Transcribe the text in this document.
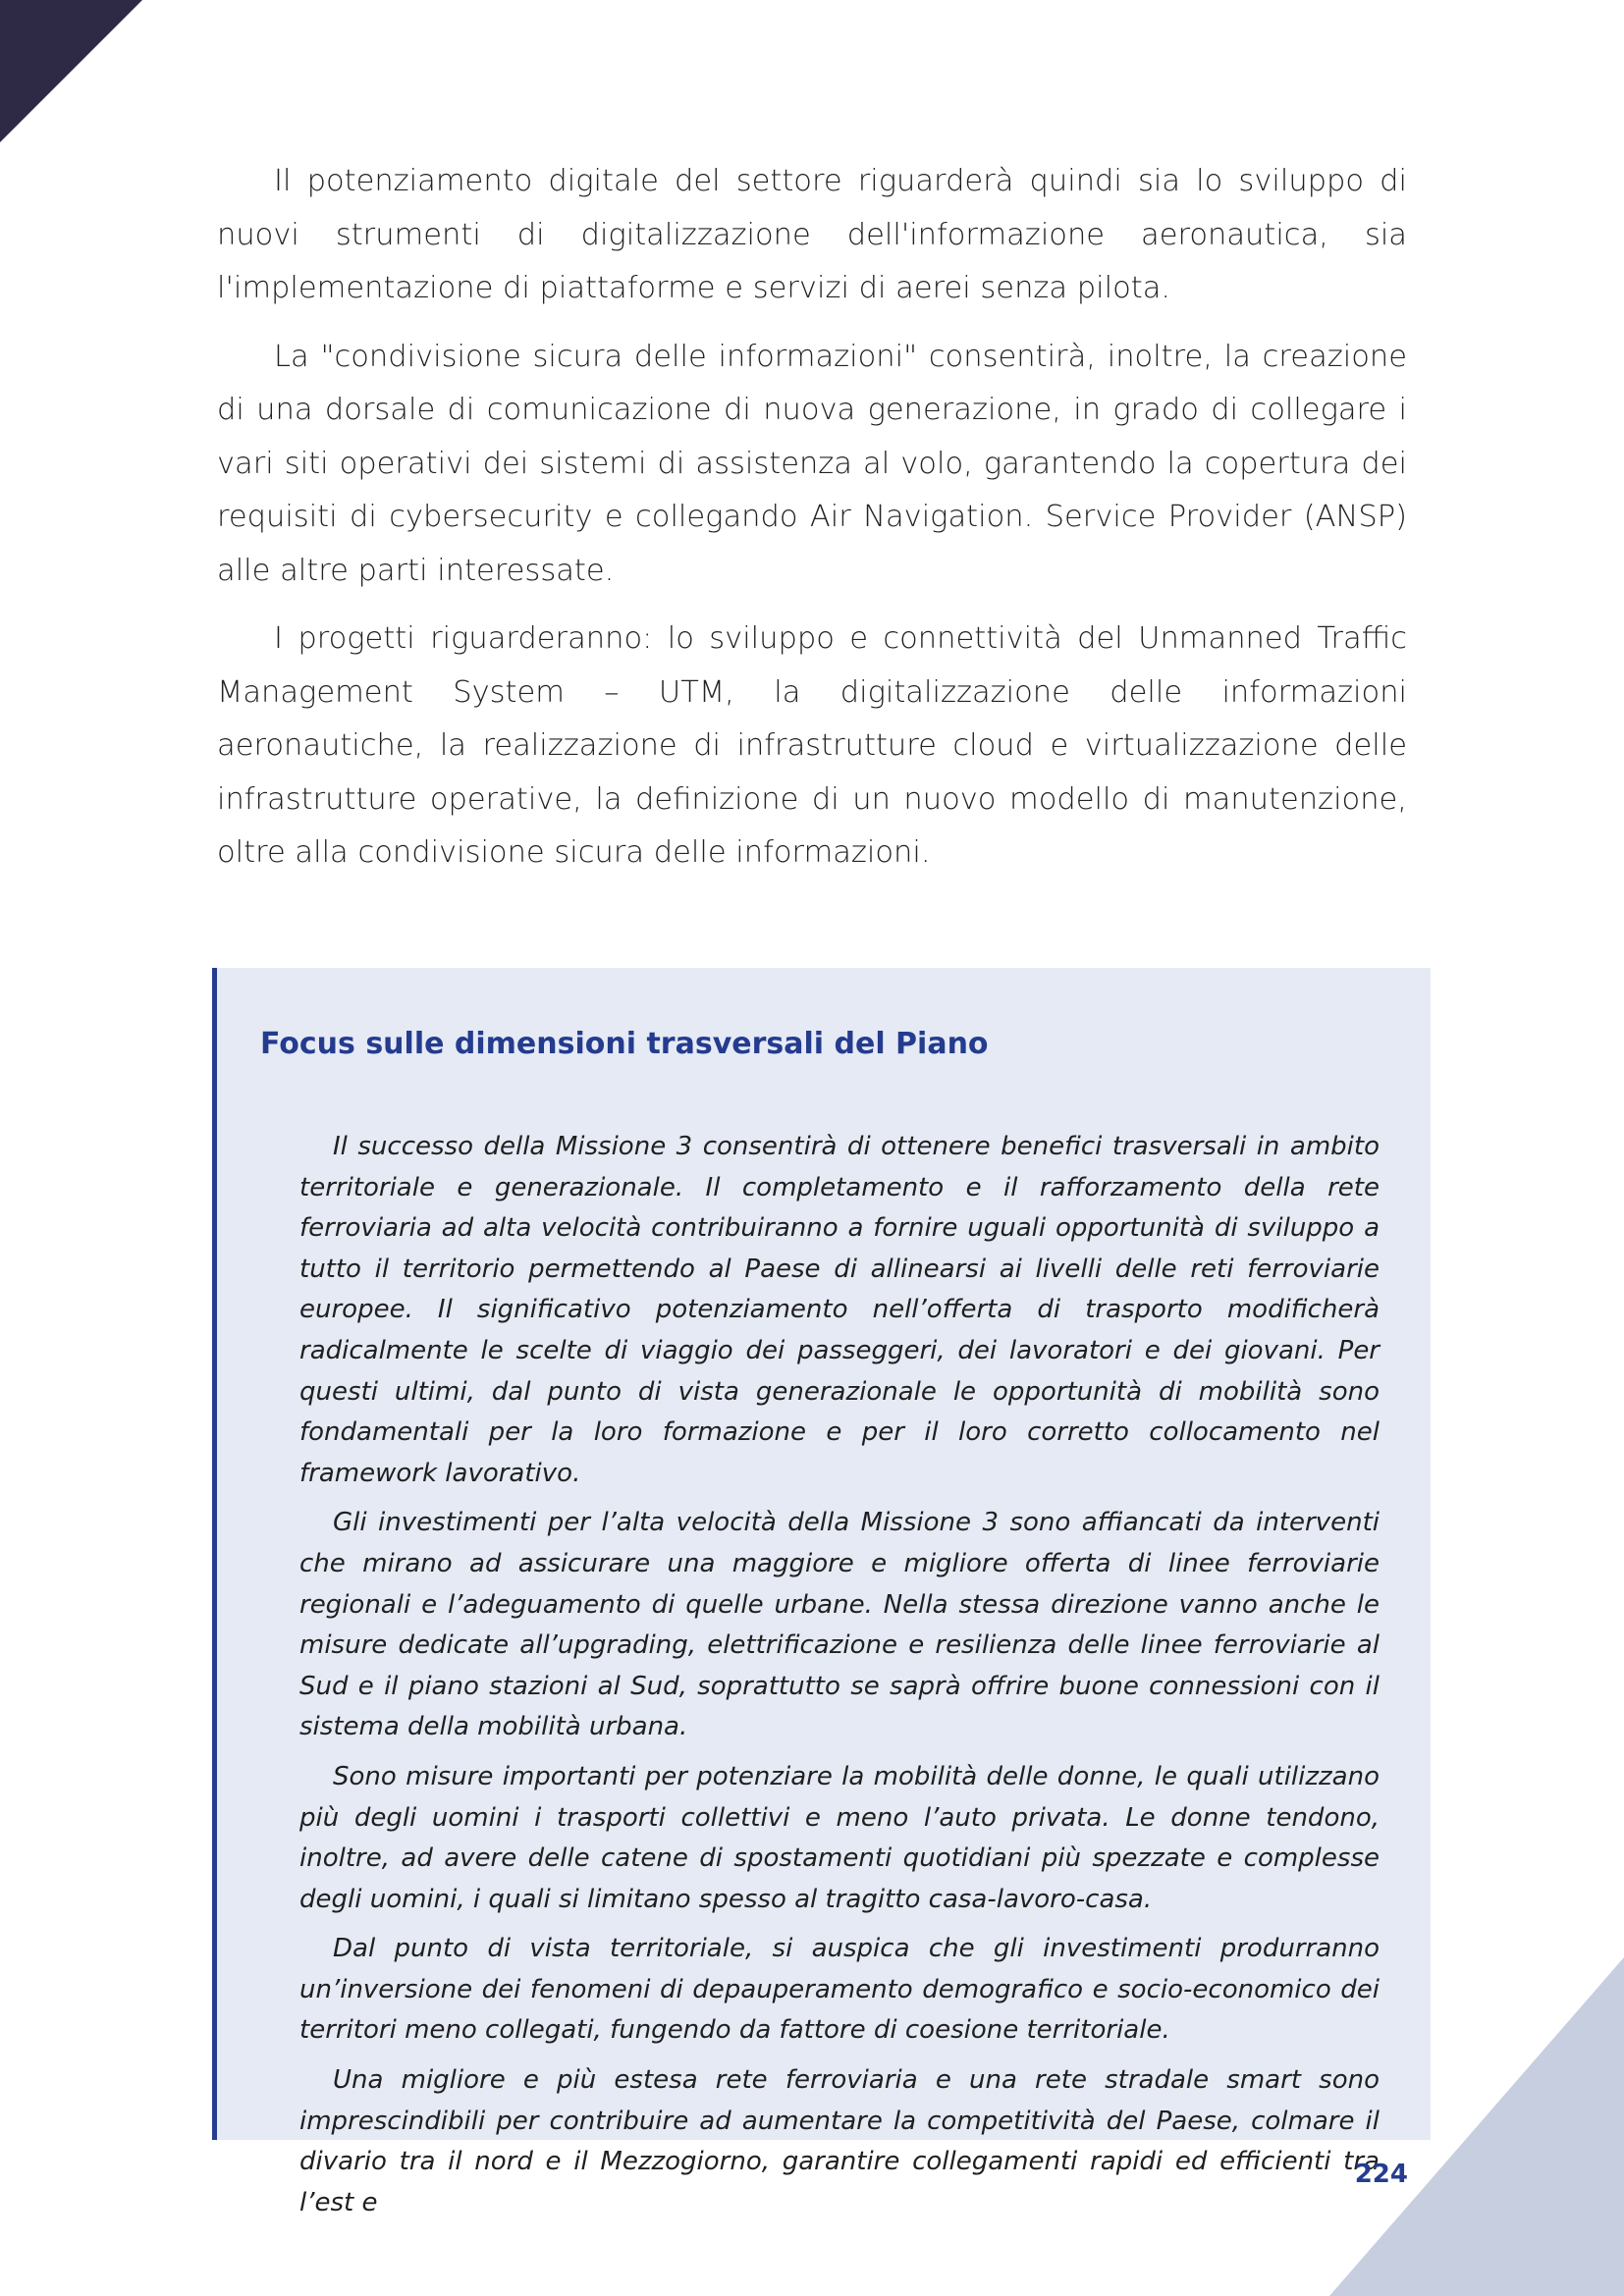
Il potenziamento digitale del settore riguarderà quindi sia lo sviluppo di nuovi strumenti di digitalizzazione dell'informazione aeronautica, sia l'implementazione di piattaforme e servizi di aerei senza pilota.

La "condivisione sicura delle informazioni" consentirà, inoltre, la creazione di una dorsale di comunicazione di nuova generazione, in grado di collegare i vari siti operativi dei sistemi di assistenza al volo, garantendo la copertura dei requisiti di cybersecurity e collegando Air Navigation. Service Provider (ANSP) alle altre parti interessate.

I progetti riguarderanno: lo sviluppo e connettività del Unmanned Traffic Management System – UTM, la digitalizzazione delle informazioni aeronautiche, la realizzazione di infrastrutture cloud e virtualizzazione delle infrastrutture operative, la definizione di un nuovo modello di manutenzione, oltre alla condivisione sicura delle informazioni.

Focus sulle dimensioni trasversali del Piano

Il successo della Missione 3 consentirà di ottenere benefici trasversali in ambito territoriale e generazionale. Il completamento e il rafforzamento della rete ferroviaria ad alta velocità contribuiranno a fornire uguali opportunità di sviluppo a tutto il territorio permettendo al Paese di allinearsi ai livelli delle reti ferroviarie europee. Il significativo potenziamento nell’offerta di trasporto modificherà radicalmente le scelte di viaggio dei passeggeri, dei lavoratori e dei giovani. Per questi ultimi, dal punto di vista generazionale le opportunità di mobilità sono fondamentali per la loro formazione e per il loro corretto collocamento nel framework lavorativo.

Gli investimenti per l’alta velocità della Missione 3 sono affiancati da interventi che mirano ad assicurare una maggiore e migliore offerta di linee ferroviarie regionali e l’adeguamento di quelle urbane. Nella stessa direzione vanno anche le misure dedicate all’upgrading, elettrificazione e resilienza delle linee ferroviarie al Sud e il piano stazioni al Sud, soprattutto se saprà offrire buone connessioni con il sistema della mobilità urbana.

Sono misure importanti per potenziare la mobilità delle donne, le quali utilizzano più degli uomini i trasporti collettivi e meno l’auto privata. Le donne tendono, inoltre, ad avere delle catene di spostamenti quotidiani più spezzate e complesse degli uomini, i quali si limitano spesso al tragitto casa-lavoro-casa.

Dal punto di vista territoriale, si auspica che gli investimenti produrranno un’inversione dei fenomeni di depauperamento demografico e socio-economico dei territori meno collegati, fungendo da fattore di coesione territoriale.

Una migliore e più estesa rete ferroviaria e una rete stradale smart sono imprescindibili per contribuire ad aumentare la competitività del Paese, colmare il divario tra il nord e il Mezzogiorno, garantire collegamenti rapidi ed efficienti tra l’est e

224
